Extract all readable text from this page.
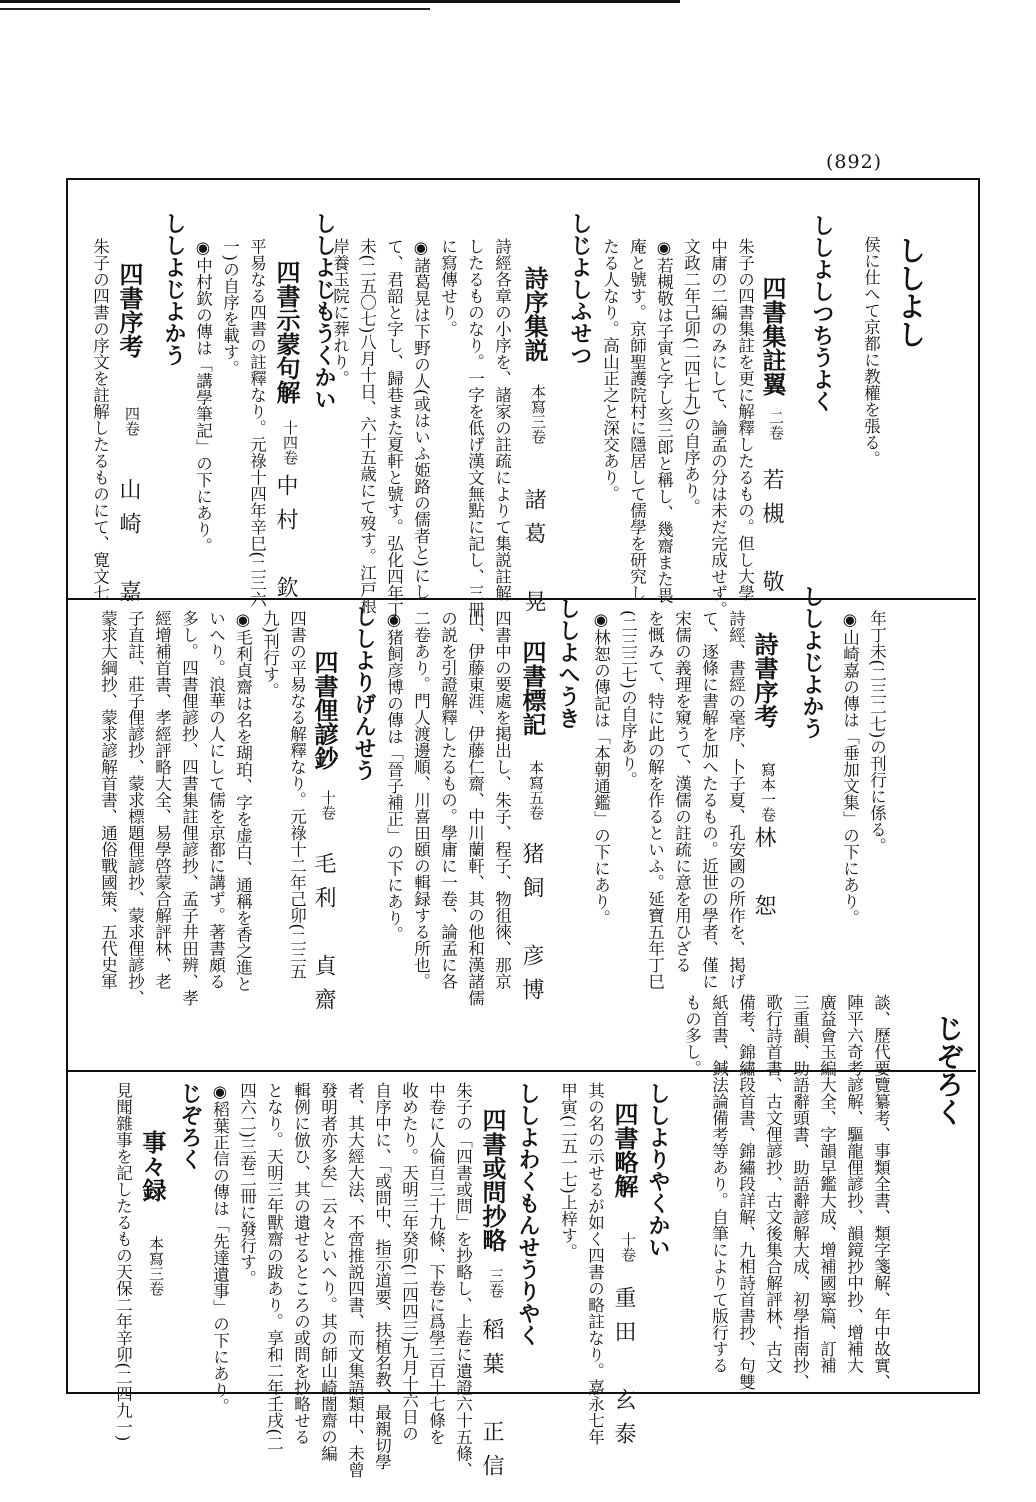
(892)
ししよし
侯に仕へて京都に教權を張る。
ししよしつちうよく
四書集註翼
二卷
若槻　敬
朱子の四書集註を更に解釋したるもの。但し大學
中庸の二編のみにして、論孟の分は未だ完成せず。
文政二年己卯(二四七九)の自序あり。
◉若槻敬は子寅と字し亥三郎と稱し、幾齋また畏
庵と號す。京師聖護院村に隱居して儒學を研究し
たる人なり。高山正之と深交あり。
しじよしふせつ
詩序集説
本寫三卷
諸葛　晃
詩經各章の小序を、諸家の註疏によりて集説註解
したるものなり。一字を低げ漢文無點に記し、三冊
に寫傳せり。
◉諸葛晃は下野の人(或はいふ姫路の儒者と)にし
て、君韶と字し、歸巷また夏軒と號す。弘化四年丁
未(二五〇七)八月十日、六十五歳にて歿す。江戸根
岸養玉院に葬れり。
ししよじもうくかい
四書示蒙句解
十四卷
中村　欽
平易なる四書の註釋なり。元祿十四年辛巳(二三六
一)の自序を載す。
◉中村欽の傳は「講學筆記」の下にあり。
ししよじよかう
四書序考
四卷
山崎　嘉
朱子の四書の序文を註解したるものにて、寛文七
年丁未(二三二七)の刊行に係る。
◉山崎嘉の傳は「垂加文集」の下にあり。
ししよじよかう
詩書序考
寫本一卷
林　恕
詩經、書經の毫序、卜子夏、孔安國の所作を、掲げ
て、逐條に書解を加へたるもの。近世の學者、僅に
宋儒の義理を窺うて、漢儒の註疏に意を用ひざる
を慨みて、特に此の解を作るといふ。延寶五年丁巳
(二三三七)の自序あり。
◉林恕の傳記は「本朝通鑑」の下にあり。
ししよへうき
四書標記
本寫五卷
猪飼　彦博
四書中の要處を掲出し、朱子、程子、物徂徠、那京
山、伊藤東涯、伊藤仁齋、中川蘭軒、其の他和漢諸儒
の説を引證解釋したるもの。學庸に一卷、論孟に各
二卷あり。門人渡邊順、川喜田頤の輯録する所也。
◉猪飼彦博の傳は「晉子補正」の下にあり。
ししよりげんせう
四書俚諺鈔
十卷
毛利　貞齋
四書の平易なる解釋なり。元祿十二年己卯(二三五
九)刊行す。
◉毛利貞齋は名を瑚珀、字を虚白、通稱を香之進と
いへり。浪華の人にして儒を京都に講ず。著書頗る
多し。四書俚諺抄、四書集註俚諺抄、孟子井田辨、孝
經增補首書、孝經評略大全、易學啓蒙合解評林、老
子直註、莊子俚諺抄、蒙求標題俚諺抄、蒙求俚諺抄、
蒙求大綱抄、蒙求諺解首書、通俗戰國策、五代史軍
じぞろく
談、歷代要覽纂考、事類全書、類字箋解、年中故實、
陣平六奇考諺解、驅龍俚諺抄、韻鏡抄中抄、增補大
廣益會玉編大全、字韻早鑑大成、增補國寧篇、訂補
三重韻、助語辭頭書、助語辭諺解大成、初學指南抄、
歌行詩首書、古文俚諺抄、古文後集合解評林、古文
備考、錦繡段首書、錦繡段詳解、九相詩首書抄、句雙
紙首書、鍼法論備考等あり。自筆によりて版行する
もの多し。
ししよりやくかい
四書略解
十卷
重田　玄泰
其の名の示せるが如く四書の略註なり。嘉永七年
甲寅(二五一七)上梓す。
ししよわくもんせうりやく
四書或問抄略
三卷
稻葉　正信
朱子の「四書或問」を抄略し、上卷に遺證六十五條、
中卷に人倫百三十九條、下卷に爲學三百十七條を
收めたり。天明三年癸卯(二四四三)九月十六日の
自序中に、「或問中、指示道要、扶植名教、最親切學
者、其大經大法、不啻推説四書、而文集語類中、未曾
發明者亦多矣」云々といへり。其の師山崎闇齋の編
輯例に倣ひ、其の遺せるところの或問を抄略せる
となり。天明三年獸齋の跋あり。享和二年壬戌(二
四六二)三卷二冊に發行す。
◉稻葉正信の傳は「先達遺事」の下にあり。
じぞろく
事々録
本寫三卷
見聞雜事を記したるもの天保二年辛卯(二四九一)
